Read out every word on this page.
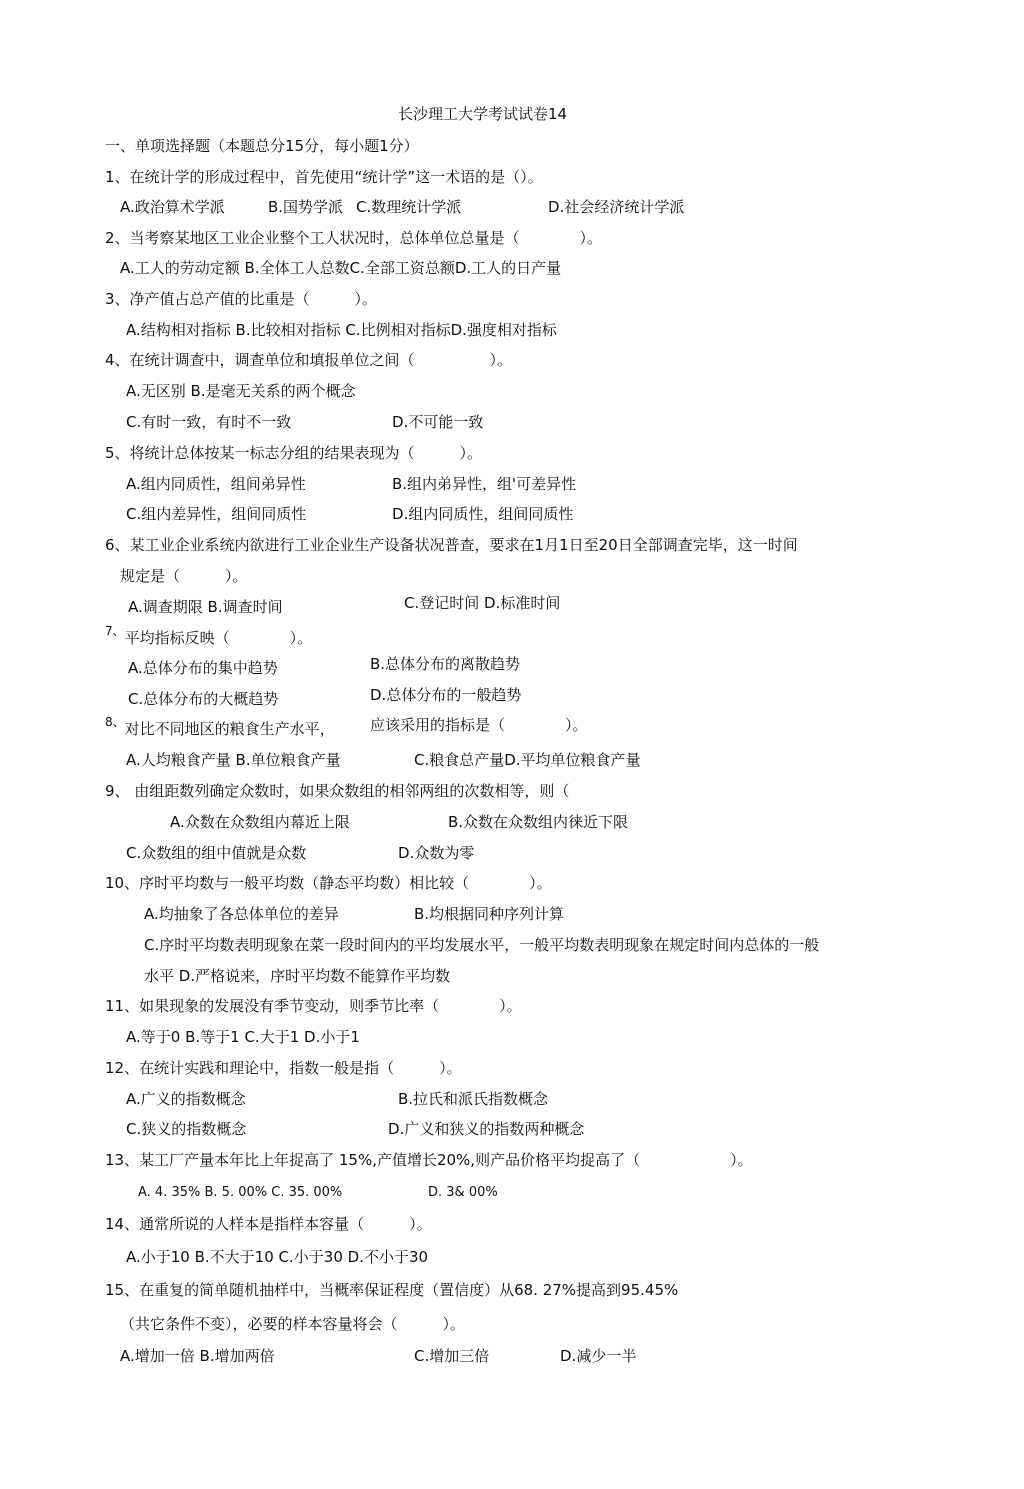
长沙理工大学考试试卷14
一、单项选择题（本题总分15分，每小题1分）
1、在统计学的形成过程中，首先使用“统计学”这一术语的是（）。
A.政治算术学派	B.国势学派 C.数理统计学派	D.社会经济统计学派
2、当考察某地区工业企业整个工人状况时，总体单位总量是（　　　　）。
A.工人的劳动定额 B.全体工人总数C.全部工资总额D.工人的日产量
3、净产值占总产值的比重是（　　　）。
A.结构相对指标 B.比较相对指标 C.比例相对指标D.强度相对指标
4、在统计调查中，调查单位和填报单位之间（　　　　　）。
A.无区别 B.是毫无关系的两个概念
C.有时一致，有时不一致	D.不可能一致
5、将统计总体按某一标志分组的结果表现为（　　　）。
A.组内同质性，组间弟异性	B.组内弟异性，组'可差异性
C.组内差异性，组间同质性	D.组内同质性，组间同质性
6、某工业企业系统内欲进行工业企业生产设备状况普查，要求在1月1日至20日全部调查完毕，这一时间
规定是（　　　）。
A.调查期限 B.调查时间	C.登记时间 D.标准时间
$^{7、}$平均指标反映（　　　　）。
A.总体分布的集中趋势	B.总体分布的离散趋势
C.总体分布的大概趋势	D.总体分布的一般趋势
$^{8、}$对比不同地区的粮食生产水平， 应该采用的指标是（　　　　）。
A.人均粮食产量 B.单位粮食产量	C.粮食总产量D.平均单位粮食产量
9、 由组距数列确定众数时，如果众数组的相邻两组的次数相等，则（
A.众数在众数组内幕近上限	B.众数在众数组内徕近下限
C.众数组的组中值就是众数	D.众数为零
10、序时平均数与一般平均数（静态平均数）相比较（　　　　）。
A.均抽象了各总体单位的差异	B.均根据同种序列计算
C.序时平均数表明现象在菜一段时间内的平均发展水平，一般平均数表明现象在规定时间内总体的一般
水平 D.严格说来，序时平均数不能算作平均数
11、如果现象的发展没有季节变动，则季节比率（　　　　）。
A.等于0 B.等于1 C.大于1 D.小于1
12、在统计实践和理论中，指数一般是指（　　　）。
A.广义的指数概念	B.拉氏和派氏指数概念
C.狭义的指数概念	D.广义和狭义的指数两种概念
13、某工厂产量本年比上年捉高了 15%,产值增长20%,则产品价格平均捉高了（　　　　　　）。
A. 4. 35% B. 5. 00% C. 35. 00%	D. 3& 00%
14、通常所说的人样本是指样本容量（　　　）。
A.小于10 B.不大于10 C.小于30 D.不小于30
15、在重复的简单随机抽样中，当概率保证程度（置信度）从68. 27%提高到95.45%
（共它条件不变），必要的样本容量将会（　　　）。
A.增加一倍 B.增加两倍	C.增加三倍	D.减少一半
